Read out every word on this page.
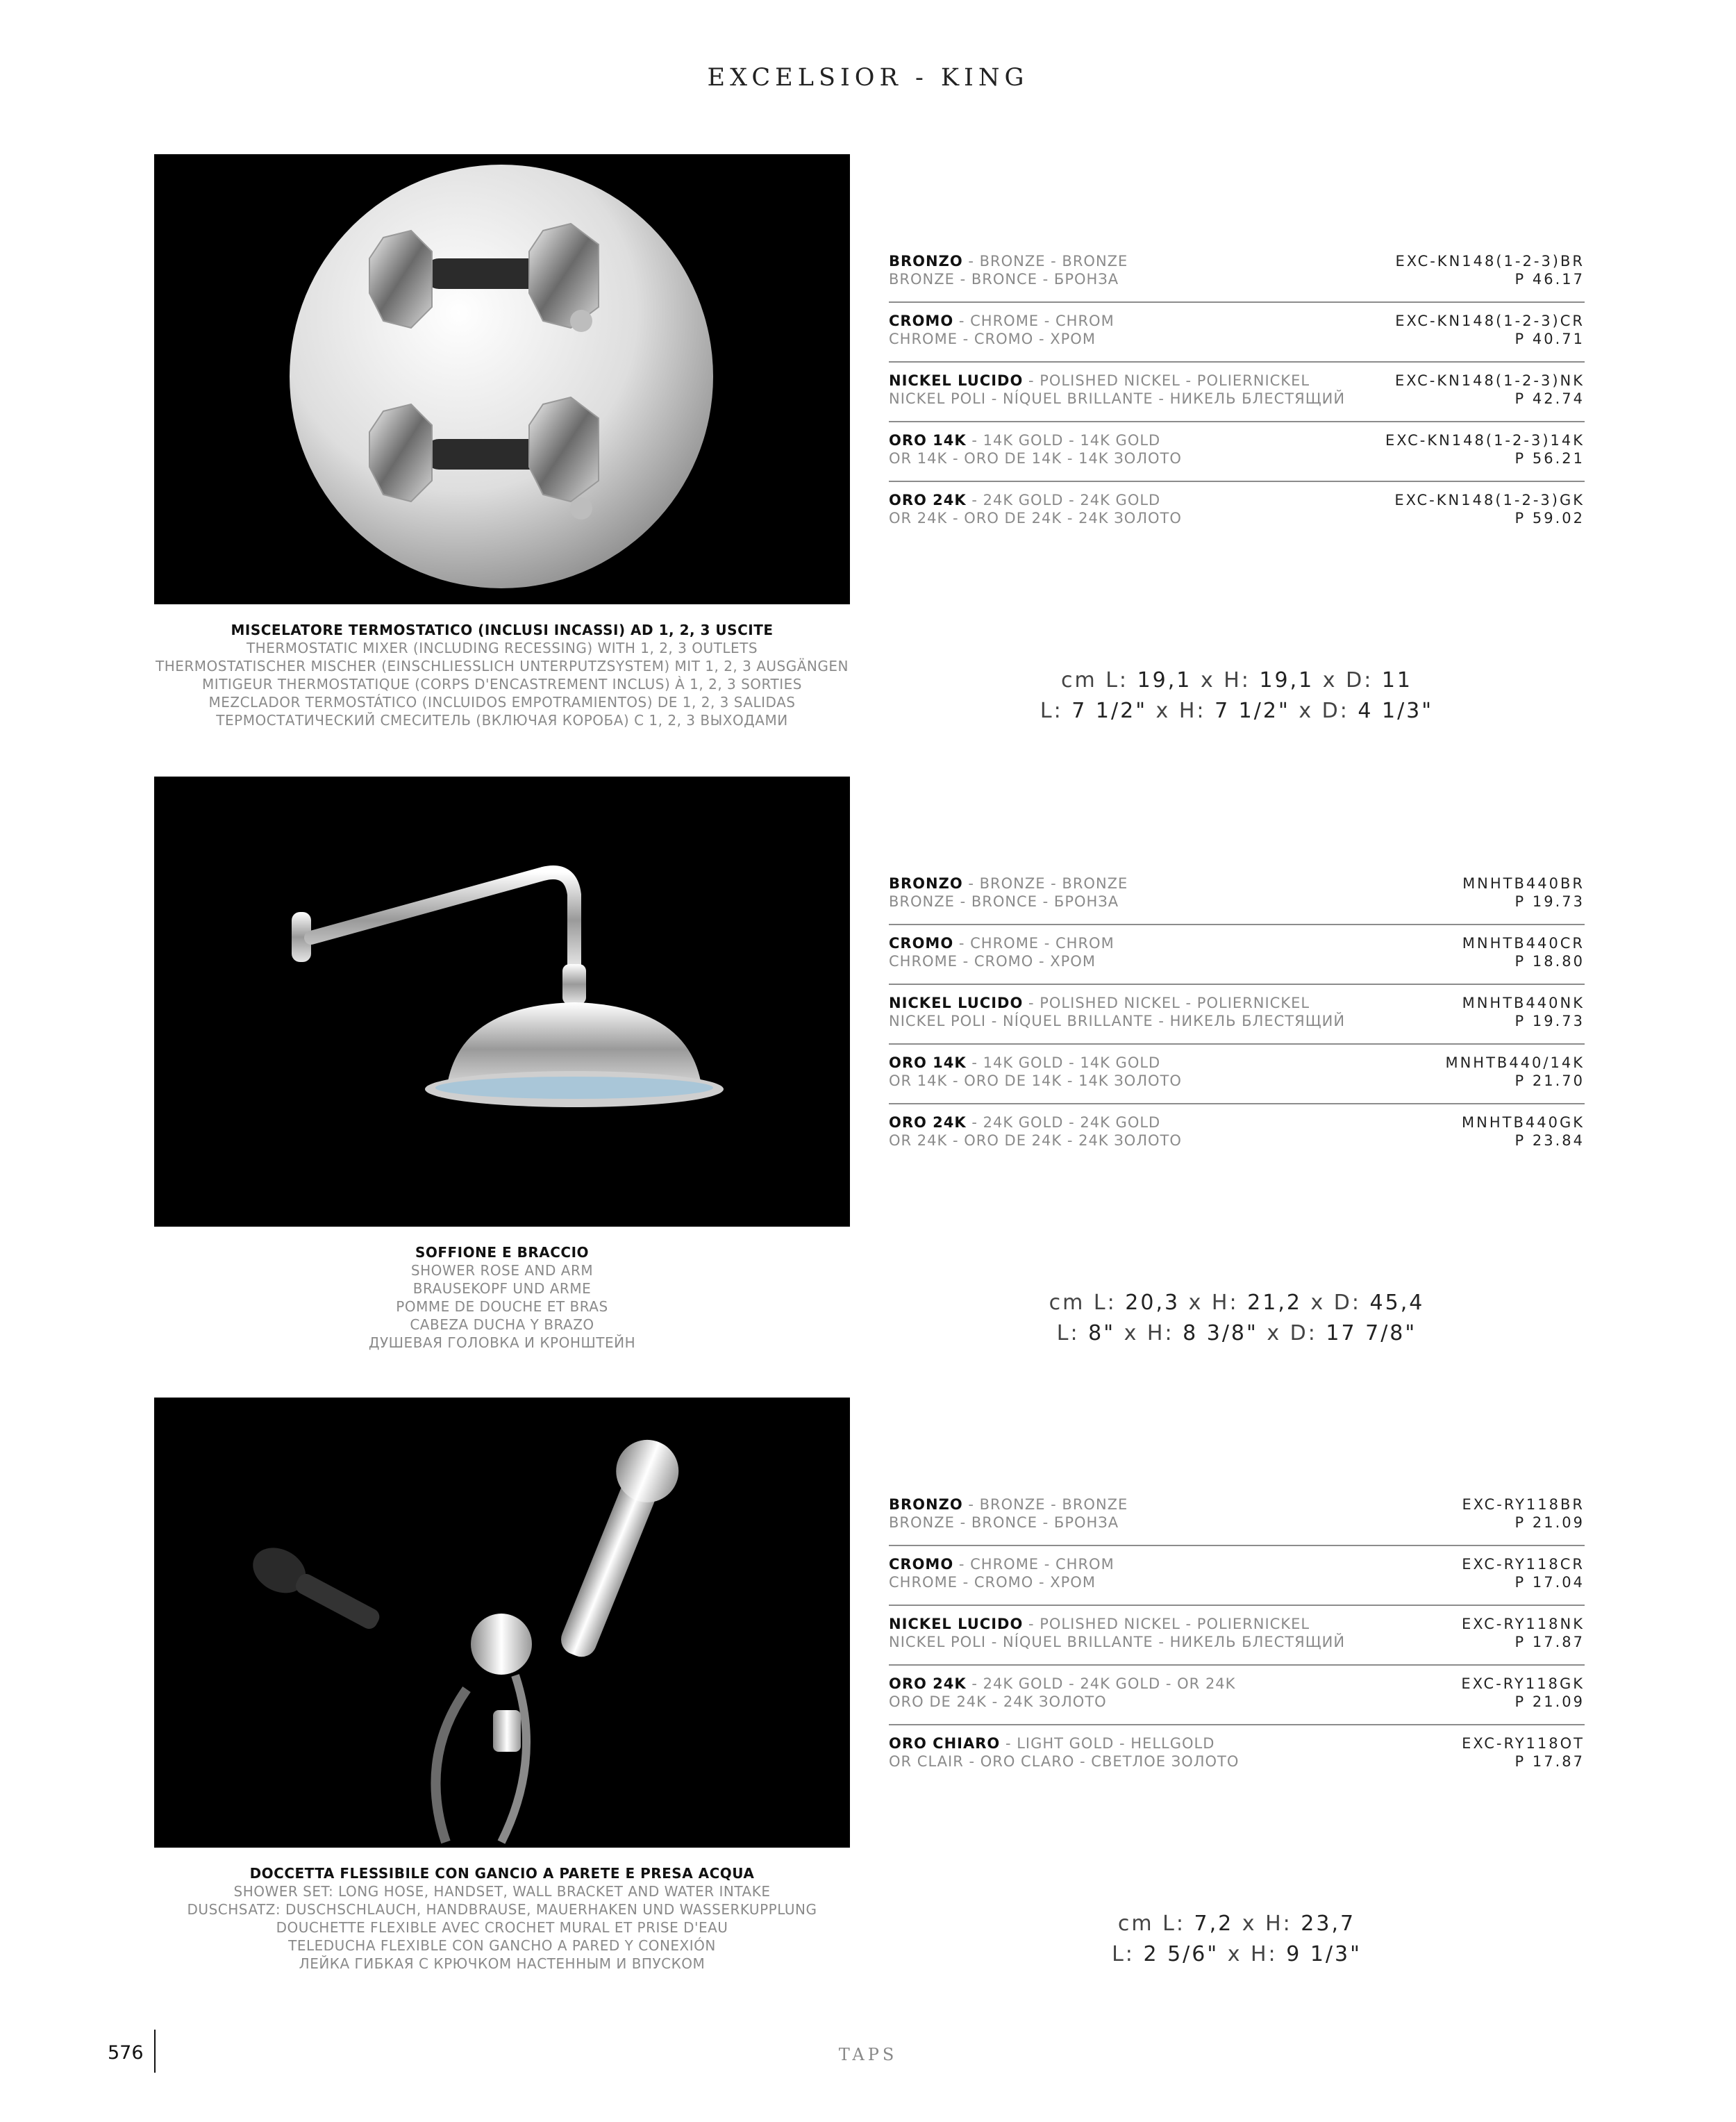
EXCELSIOR - KING
BRONZO - BRONZE - BRONZE
BRONZE - BRONCE - БРОНЗА
EXC-KN148(1-2-3)BR
P 46.17
CROMO - CHROME - CHROM
CHROME - CROMO - ХРОМ
EXC-KN148(1-2-3)CR
P 40.71
NICKEL LUCIDO - POLISHED NICKEL - POLIERNICKEL
NICKEL POLI - NÍQUEL BRILLANTE - НИКЕЛЬ БЛЕСТЯЩИЙ
EXC-KN148(1-2-3)NK
P 42.74
ORO 14K - 14K GOLD - 14K GOLD
OR 14K - ORO DE 14K - 14K ЗОЛОТО
EXC-KN148(1-2-3)14K
P 56.21
ORO 24K - 24K GOLD - 24K GOLD
OR 24K - ORO DE 24K - 24K ЗОЛОТО
EXC-KN148(1-2-3)GK
P 59.02
MISCELATORE TERMOSTATICO (INCLUSI INCASSI) AD 1, 2, 3 USCITE
THERMOSTATIC MIXER (INCLUDING RECESSING) WITH 1, 2, 3 OUTLETS
THERMOSTATISCHER MISCHER (EINSCHLIESSLICH UNTERPUTZSYSTEM) MIT 1, 2, 3 AUSGÄNGEN
MITIGEUR THERMOSTATIQUE (CORPS D'ENCASTREMENT INCLUS) À 1, 2, 3 SORTIES
MEZCLADOR TERMOSTÁTICO (INCLUIDOS EMPOTRAMIENTOS) DE 1, 2, 3 SALIDAS
ТЕРМОСТАТИЧЕСКИЙ СМЕСИТЕЛЬ (ВКЛЮЧАЯ КОРОБА) С 1, 2, 3 ВЫХОДАМИ
cm L: 19,1 x H: 19,1 x D: 11
L: 7 1/2" x H: 7 1/2" x D: 4 1/3"
BRONZO - BRONZE - BRONZE
BRONZE - BRONCE - БРОНЗА
MNHTB440BR
P 19.73
CROMO - CHROME - CHROM
CHROME - CROMO - ХРОМ
MNHTB440CR
P 18.80
NICKEL LUCIDO - POLISHED NICKEL - POLIERNICKEL
NICKEL POLI - NÍQUEL BRILLANTE - НИКЕЛЬ БЛЕСТЯЩИЙ
MNHTB440NK
P 19.73
ORO 14K - 14K GOLD - 14K GOLD
OR 14K - ORO DE 14K - 14K ЗОЛОТО
MNHTB440/14K
P 21.70
ORO 24K - 24K GOLD - 24K GOLD
OR 24K - ORO DE 24K - 24K ЗОЛОТО
MNHTB440GK
P 23.84
SOFFIONE E BRACCIO
SHOWER ROSE AND ARM
BRAUSEKOPF UND ARME
POMME DE DOUCHE ET BRAS
CABEZA DUCHA Y BRAZO
ДУШЕВАЯ ГОЛОВКА И КРОНШТЕЙН
cm L: 20,3 x H: 21,2 x D: 45,4
L: 8" x H: 8 3/8" x D: 17 7/8"
BRONZO - BRONZE - BRONZE
BRONZE - BRONCE - БРОНЗА
EXC-RY118BR
P 21.09
CROMO - CHROME - CHROM
CHROME - CROMO - ХРОМ
EXC-RY118CR
P 17.04
NICKEL LUCIDO - POLISHED NICKEL - POLIERNICKEL
NICKEL POLI - NÍQUEL BRILLANTE - НИКЕЛЬ БЛЕСТЯЩИЙ
EXC-RY118NK
P 17.87
ORO 24K - 24K GOLD - 24K GOLD - OR 24K
ORO DE 24K - 24K ЗОЛОТО
EXC-RY118GK
P 21.09
ORO CHIARO - LIGHT GOLD - HELLGOLD
OR CLAIR - ORO CLARO - СВЕТЛОЕ ЗОЛОТО
EXC-RY118OT
P 17.87
DOCCETTA FLESSIBILE CON GANCIO A PARETE E PRESA ACQUA
SHOWER SET: LONG HOSE, HANDSET, WALL BRACKET AND WATER INTAKE
DUSCHSATZ: DUSCHSCHLAUCH, HANDBRAUSE, MAUERHAKEN UND WASSERKUPPLUNG
DOUCHETTE FLEXIBLE AVEC CROCHET MURAL ET PRISE D'EAU
TELEDUCHA FLEXIBLE CON GANCHO A PARED Y CONEXIÓN
ЛЕЙКА ГИБКАЯ С КРЮЧКОМ НАСТЕННЫМ И ВПУСКОМ
cm L: 7,2 x H: 23,7
L: 2 5/6" x H: 9 1/3"
576	TAPS
